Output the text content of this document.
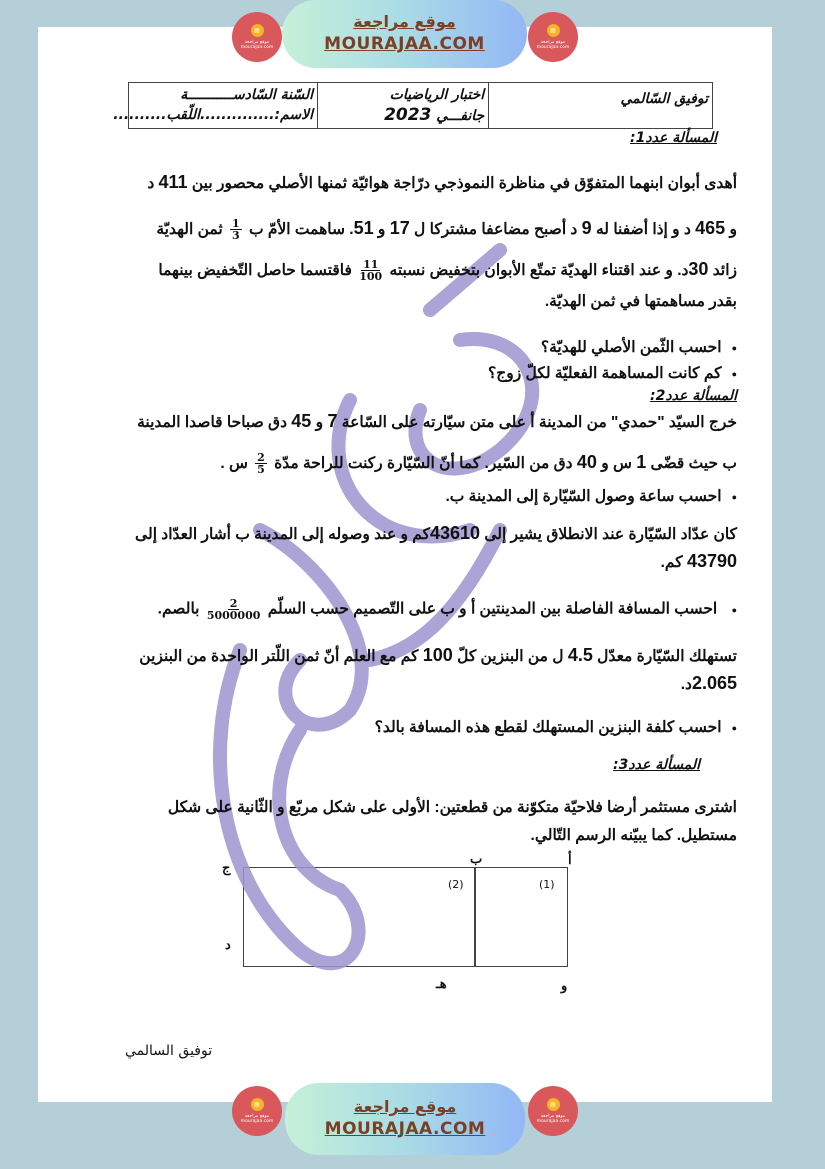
▤
موقع مراجعة mourajaa.com
موقع مراجعة
MOURAJAA.COM
▤
موقع مراجعة mourajaa.com
توفيق السّالمي
اختبار الرياضيات
جانفـــي 2023
السّنة السّادســـــــــــة
الاسم:..............اللّقب..........
المسألة عدد1:
أهدى أبوان ابنهما المتفوّق في مناظرة النموذجي درّاجة هوائيّة ثمنها الأصلي محصور بين 411 د
و 465 د و إذا أضفنا له 9 د أصبح مضاعفا مشتركا ل 17 و 51. ساهمت الأمّ ب
$\frac{1}{3}$
ثمن الهديّة
زائد 30د. و عند اقتناء الهديّة تمتّع الأبوان بتخفيض نسبته
$\frac{11}{100}$
فاقتسما حاصل التّخفيض بينهما
بقدر مساهمتها في ثمن الهديّة.
● احسب الثّمن الأصلي للهديّة؟
● كم كانت المساهمة الفعليّة لكلّ زوج؟
المسألة عدد2:
خرج السيّد "حمدي" من المدينة أ على متن سيّارته على السّاعة 7 و 45 دق صباحا قاصدا المدينة
ب حيث قضّى 1 س و 40 دق من السّير. كما أنّ السّيّارة ركنت للراحة مدّة
$\frac{2}{5}$
س .
● احسب ساعة وصول السّيّارة إلى المدينة ب.
كان عدّاد السّيّارة عند الانطلاق يشير إلى 43610كم و عند وصوله إلى المدينة ب أشار العدّاد إلى
43790 كم.
● احسب المسافة الفاصلة بين المدينتين أ و ب على التّصميم حسب السلّم
$\frac{2}{5000000}$
بالصم.
تستهلك السّيّارة معدّل 4.5 ل من البنزين كلّ 100 كم مع العلم أنّ ثمن اللّتر الواحدة من البنزين
2.065د.
● احسب كلفة البنزين المستهلك لقطع هذه المسافة بالد؟
المسألة عدد3:
اشترى مستثمر أرضا فلاحيّة متكوّنة من قطعتين: الأولى على شكل مربّع و الثّانية على شكل
مستطيل. كما يبيّنه الرسم التّالي.
(2)	(1)
أ
ب
ج
د
هـ	و
توفيق السالمي
▤
موقع مراجعة mourajaa.com
موقع مراجعة
MOURAJAA.COM
▤
موقع مراجعة mourajaa.com
